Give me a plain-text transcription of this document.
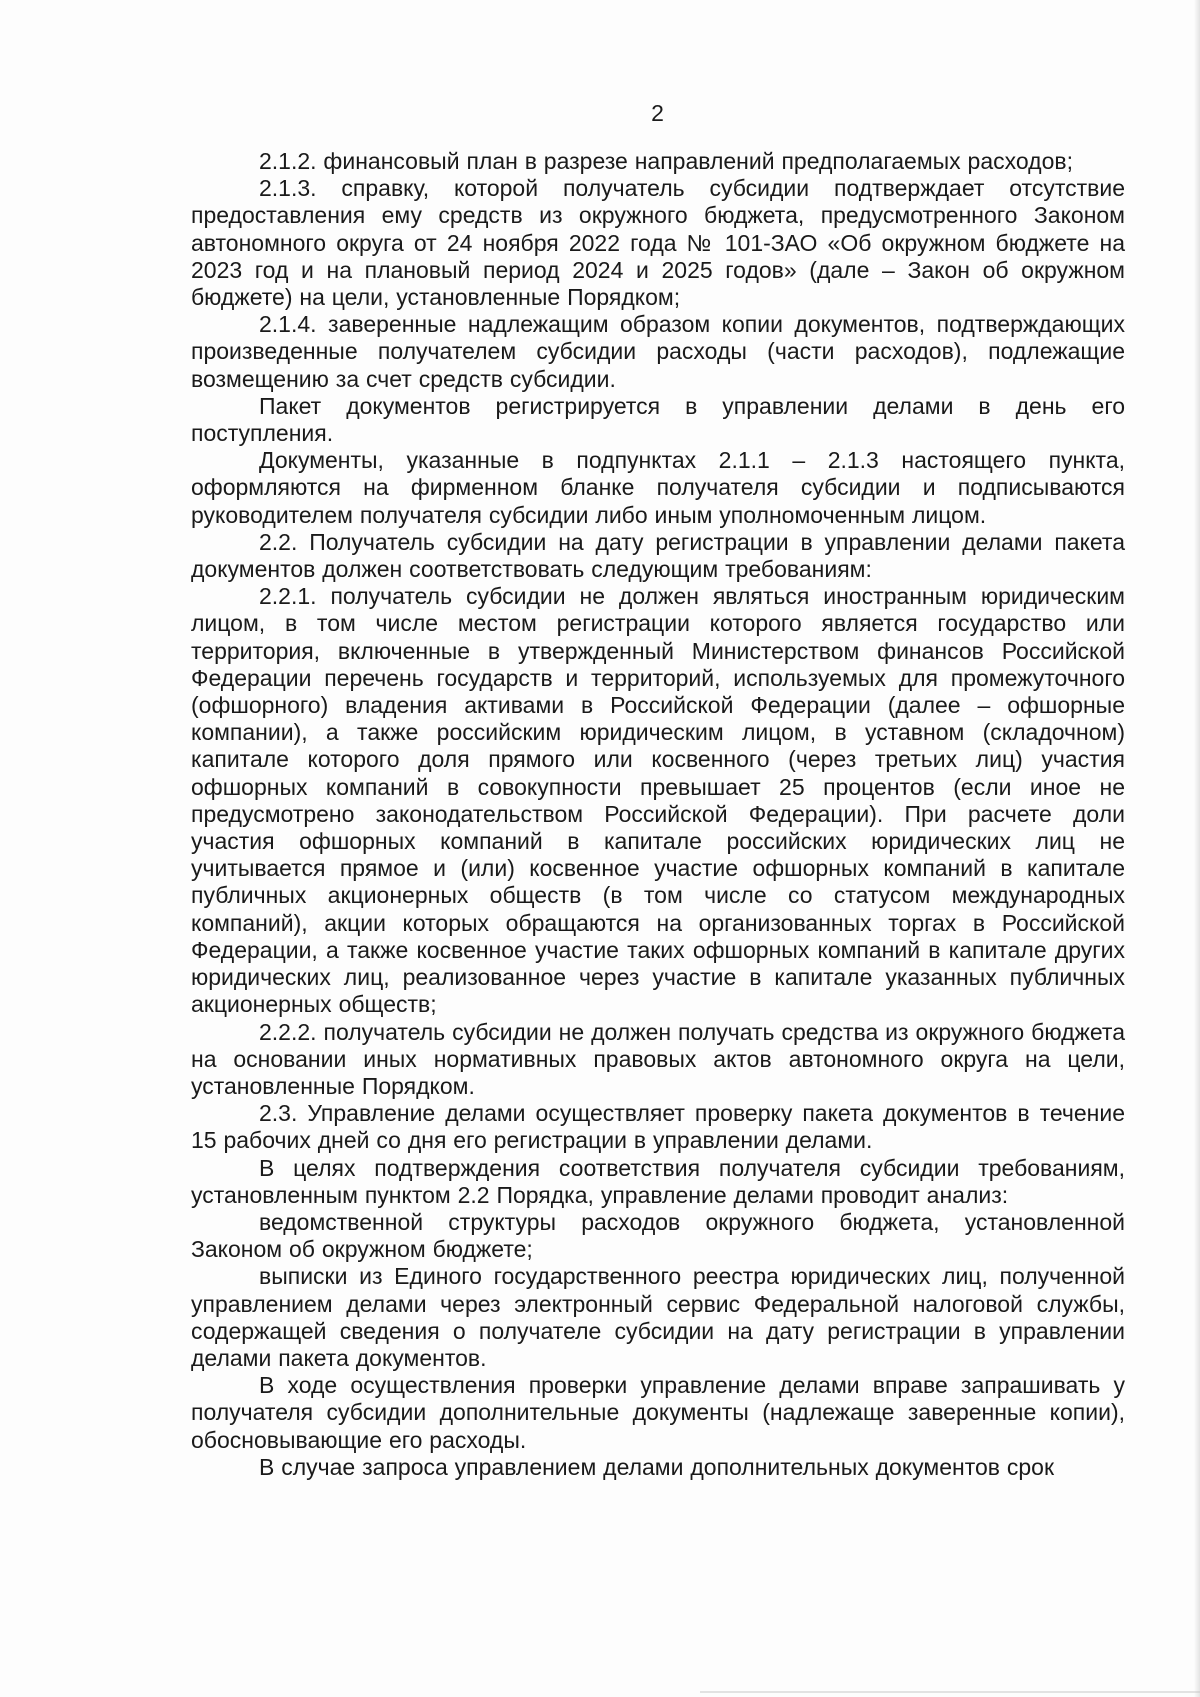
2

2.1.2. финансовый план в разрезе направлений предполагаемых расходов;

2.1.3. справку, которой получатель субсидии подтверждает отсутствие предоставления ему средств из окружного бюджета, предусмотренного Законом автономного округа от 24 ноября 2022 года № 101-ЗАО «Об окружном бюджете на 2023 год и на плановый период 2024 и 2025 годов» (дале – Закон об окружном бюджете) на цели, установленные Порядком;

2.1.4. заверенные надлежащим образом копии документов, подтверждающих произведенные получателем субсидии расходы (части расходов), подлежащие возмещению за счет средств субсидии.

Пакет документов регистрируется в управлении делами в день его поступления.

Документы, указанные в подпунктах 2.1.1 – 2.1.3 настоящего пункта, оформляются на фирменном бланке получателя субсидии и подписываются руководителем получателя субсидии либо иным уполномоченным лицом.

2.2. Получатель субсидии на дату регистрации в управлении делами пакета документов должен соответствовать следующим требованиям:

2.2.1. получатель субсидии не должен являться иностранным юридическим лицом, в том числе местом регистрации которого является государство или территория, включенные в утвержденный Министерством финансов Российской Федерации перечень государств и территорий, используемых для промежуточного (офшорного) владения активами в Российской Федерации (далее – офшорные компании), а также российским юридическим лицом, в уставном (складочном) капитале которого доля прямого или косвенного (через третьих лиц) участия офшорных компаний в совокупности превышает 25 процентов (если иное не предусмотрено законодательством Российской Федерации). При расчете доли участия офшорных компаний в капитале российских юридических лиц не учитывается прямое и (или) косвенное участие офшорных компаний в капитале публичных акционерных обществ (в том числе со статусом международных компаний), акции которых обращаются на организованных торгах в Российской Федерации, а также косвенное участие таких офшорных компаний в капитале других юридических лиц, реализованное через участие в капитале указанных публичных акционерных обществ;

2.2.2. получатель субсидии не должен получать средства из окружного бюджета на основании иных нормативных правовых актов автономного округа на цели, установленные Порядком.

2.3. Управление делами осуществляет проверку пакета документов в течение 15 рабочих дней со дня его регистрации в управлении делами.

В целях подтверждения соответствия получателя субсидии требованиям, установленным пунктом 2.2 Порядка, управление делами проводит анализ:

ведомственной структуры расходов окружного бюджета, установленной Законом об окружном бюджете;

выписки из Единого государственного реестра юридических лиц, полученной управлением делами через электронный сервис Федеральной налоговой службы, содержащей сведения о получателе субсидии на дату регистрации в управлении делами пакета документов.

В ходе осуществления проверки управление делами вправе запрашивать у получателя субсидии дополнительные документы (надлежаще заверенные копии), обосновывающие его расходы.

В случае запроса управлением делами дополнительных документов срок
